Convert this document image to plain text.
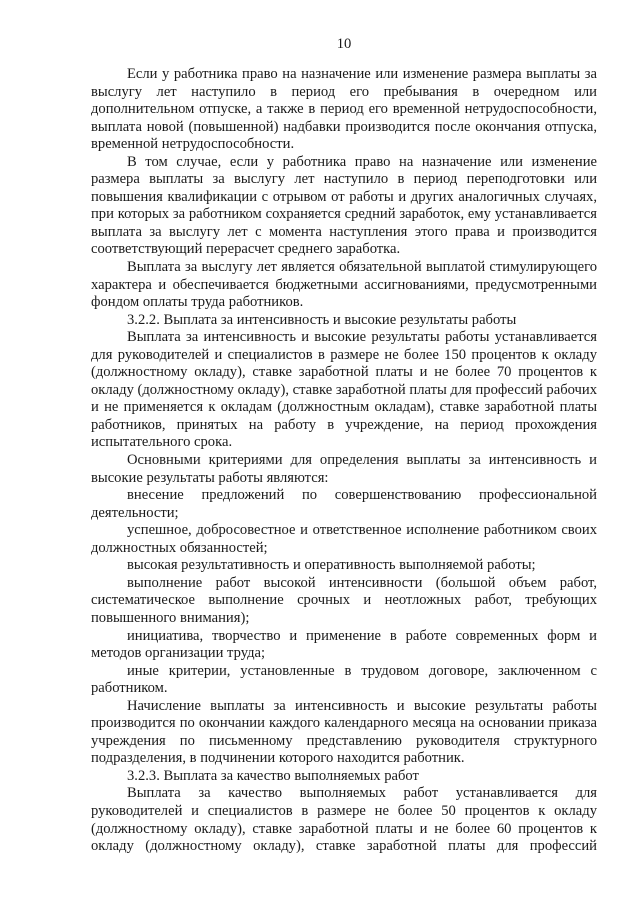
10

Если у работника право на назначение или изменение размера выплаты за выслугу лет наступило в период его пребывания в очередном или дополнительном отпуске, а также в период его временной нетрудоспособности, выплата новой (повышенной) надбавки производится после окончания отпуска, временной нетрудоспособности.

В том случае, если у работника право на назначение или изменение размера выплаты за выслугу лет наступило в период переподготовки или повышения квалификации с отрывом от работы и других аналогичных случаях, при которых за работником сохраняется средний заработок, ему устанавливается выплата за выслугу лет с момента наступления этого права и производится соответствующий перерасчет среднего заработка.

Выплата за выслугу лет является обязательной выплатой стимулирующего характера и обеспечивается бюджетными ассигнованиями, предусмотренными фондом оплаты труда работников.

3.2.2. Выплата за интенсивность и высокие результаты работы

Выплата за интенсивность и высокие результаты работы устанавливается для руководителей и специалистов в размере не более 150 процентов к окладу (должностному окладу), ставке заработной платы и не более 70 процентов к окладу (должностному окладу), ставке заработной платы для профессий рабочих и не применяется к окладам (должностным окладам), ставке заработной платы работников, принятых на работу в учреждение, на период прохождения испытательного срока.

Основными критериями для определения выплаты за интенсивность и высокие результаты работы являются:

внесение предложений по совершенствованию профессиональной деятельности;

успешное, добросовестное и ответственное исполнение работником своих должностных обязанностей;

высокая результативность и оперативность выполняемой работы;

выполнение работ высокой интенсивности (большой объем работ, систематическое выполнение срочных и неотложных работ, требующих повышенного внимания);

инициатива, творчество и применение в работе современных форм и методов организации труда;

иные критерии, установленные в трудовом договоре, заключенном с работником.

Начисление выплаты за интенсивность и высокие результаты работы производится по окончании каждого календарного месяца на основании приказа учреждения по письменному представлению руководителя структурного подразделения, в подчинении которого находится работник.

3.2.3. Выплата за качество выполняемых работ

Выплата за качество выполняемых работ устанавливается для руководителей и специалистов в размере не более 50 процентов к окладу (должностному окладу), ставке заработной платы и не более 60 процентов к окладу (должностному окладу), ставке заработной платы для профессий
